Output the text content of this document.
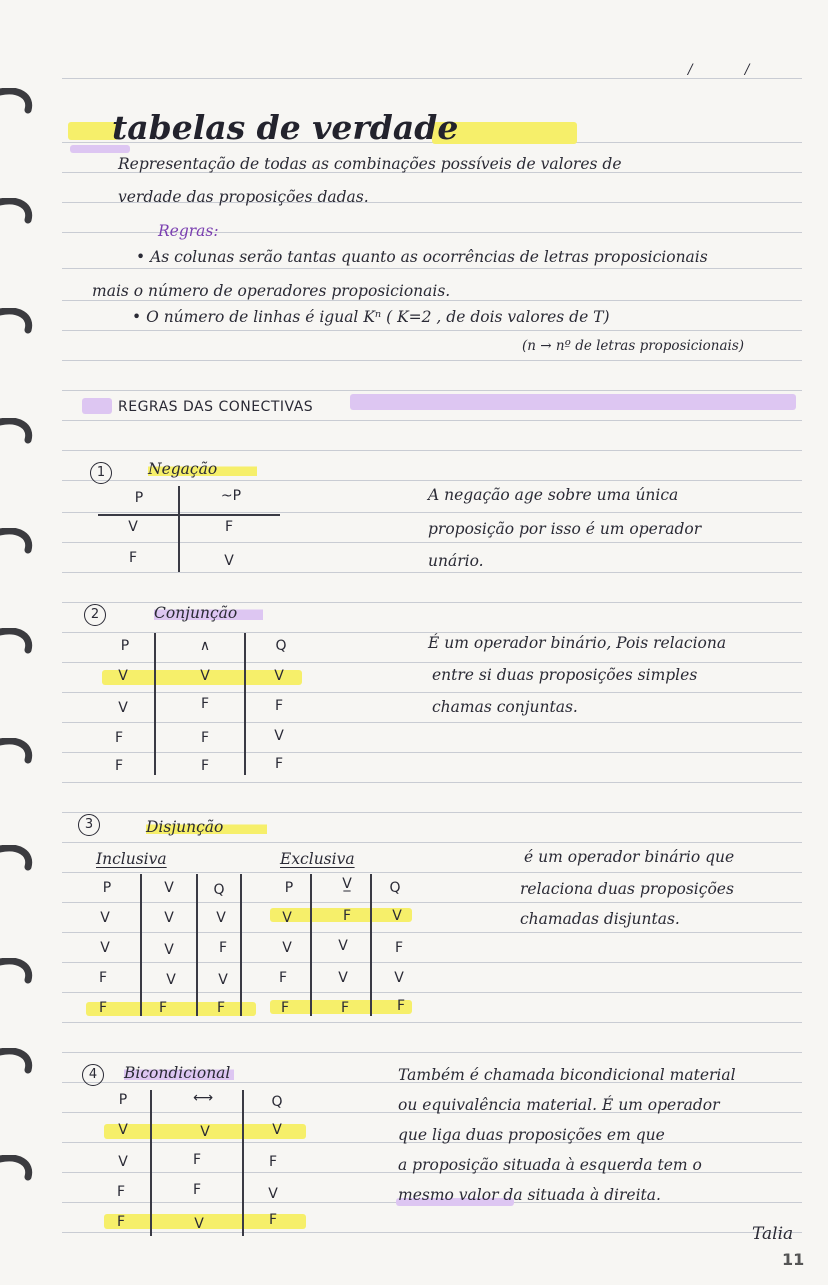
/ /
tabelas de verdade
Representação de todas as combinações possíveis de valores de
verdade das proposições dadas.
Regras:
• As colunas serão tantas quanto as ocorrências de letras proposicionais
mais o número de operadores proposicionais.
• O número de linhas é igual Kⁿ ( K=2 , de dois valores de T)
(n → nº de letras proposicionais)
REGRAS DAS CONECTIVAS
1	Negação
P	~P
V	F
F	V
A negação age sobre uma única
proposição por isso é um operador
unário.
2	Conjunção
P	∧	Q
V	V	V
V	F	F
F	F	V
F	F	F
É um operador binário, Pois relaciona
entre si duas proposições simples
chamas conjuntas.
3	Disjunção
Inclusiva
P	V	Q
V	V	V
V	V	F
F	V	V
F	F	F
Exclusiva
P	V̲	Q
V	F	V
V	V	F
F	V	V
F	F	F
é um operador binário que
relaciona duas proposições
chamadas disjuntas.
4	Bicondicional
P	⟷	Q
V	V	V
V	F	F
F	F	V
F	V	F
Também é chamada bicondicional material
ou equivalência material. É um operador
que liga duas proposições em que
a proposição situada à esquerda tem o
mesmo valor da situada à direita.
Talia
11
